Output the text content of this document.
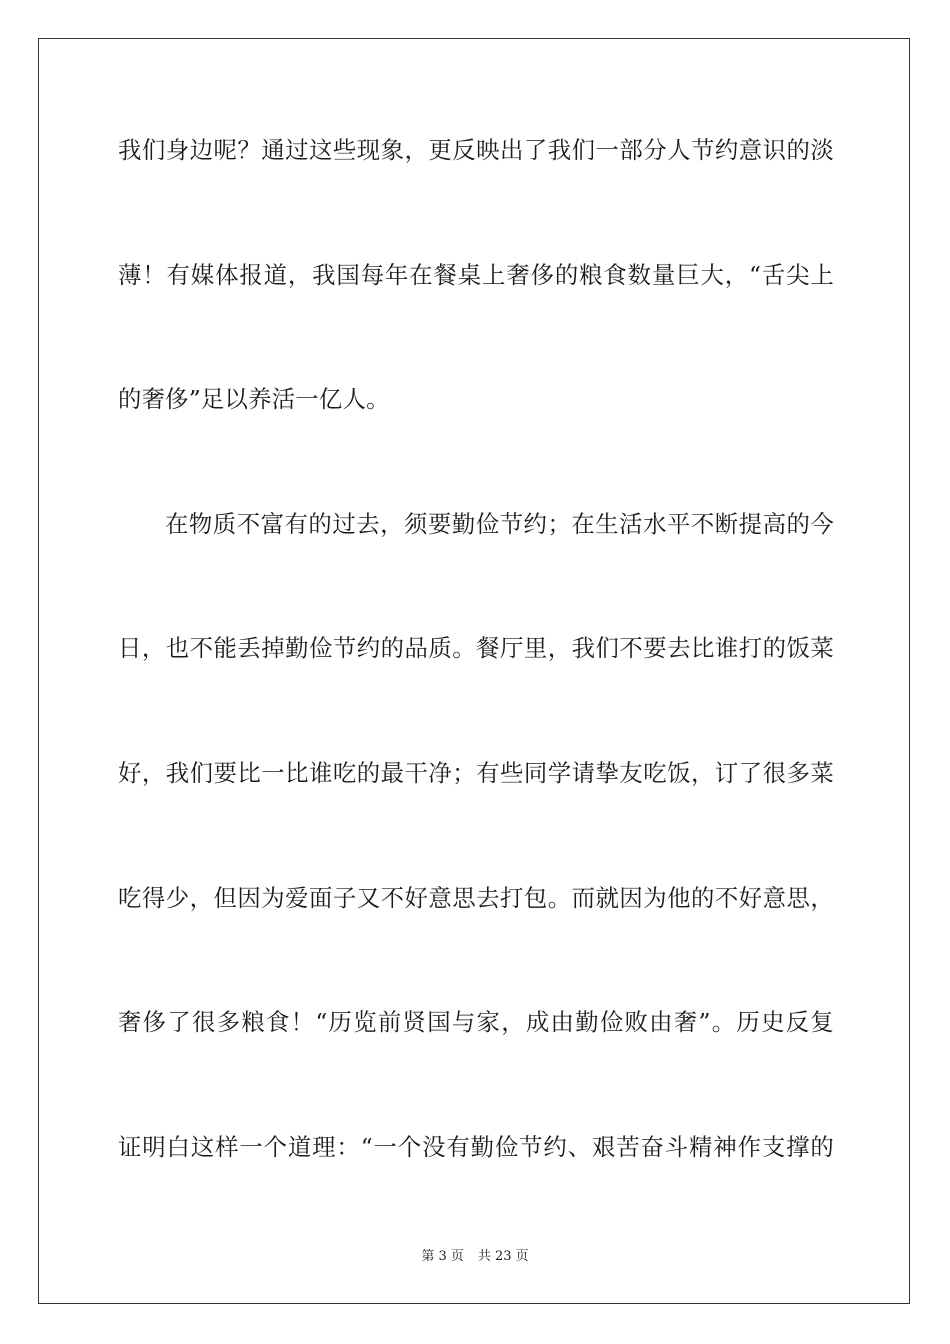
我们身边呢？通过这些现象，更反映出了我们一部分人节约意识的淡
薄！有媒体报道，我国每年在餐桌上奢侈的粮食数量巨大，“舌尖上
的奢侈”足以养活一亿人。
在物质不富有的过去，须要勤俭节约；在生活水平不断提高的今
日，也不能丢掉勤俭节约的品质。餐厅里，我们不要去比谁打的饭菜
好，我们要比一比谁吃的最干净；有些同学请挚友吃饭，订了很多菜
吃得少，但因为爱面子又不好意思去打包。而就因为他的不好意思，
奢侈了很多粮食！“历览前贤国与家，成由勤俭败由奢”。历史反复
证明白这样一个道理：“一个没有勤俭节约、艰苦奋斗精神作支撑的
第 3 页 共 23 页
